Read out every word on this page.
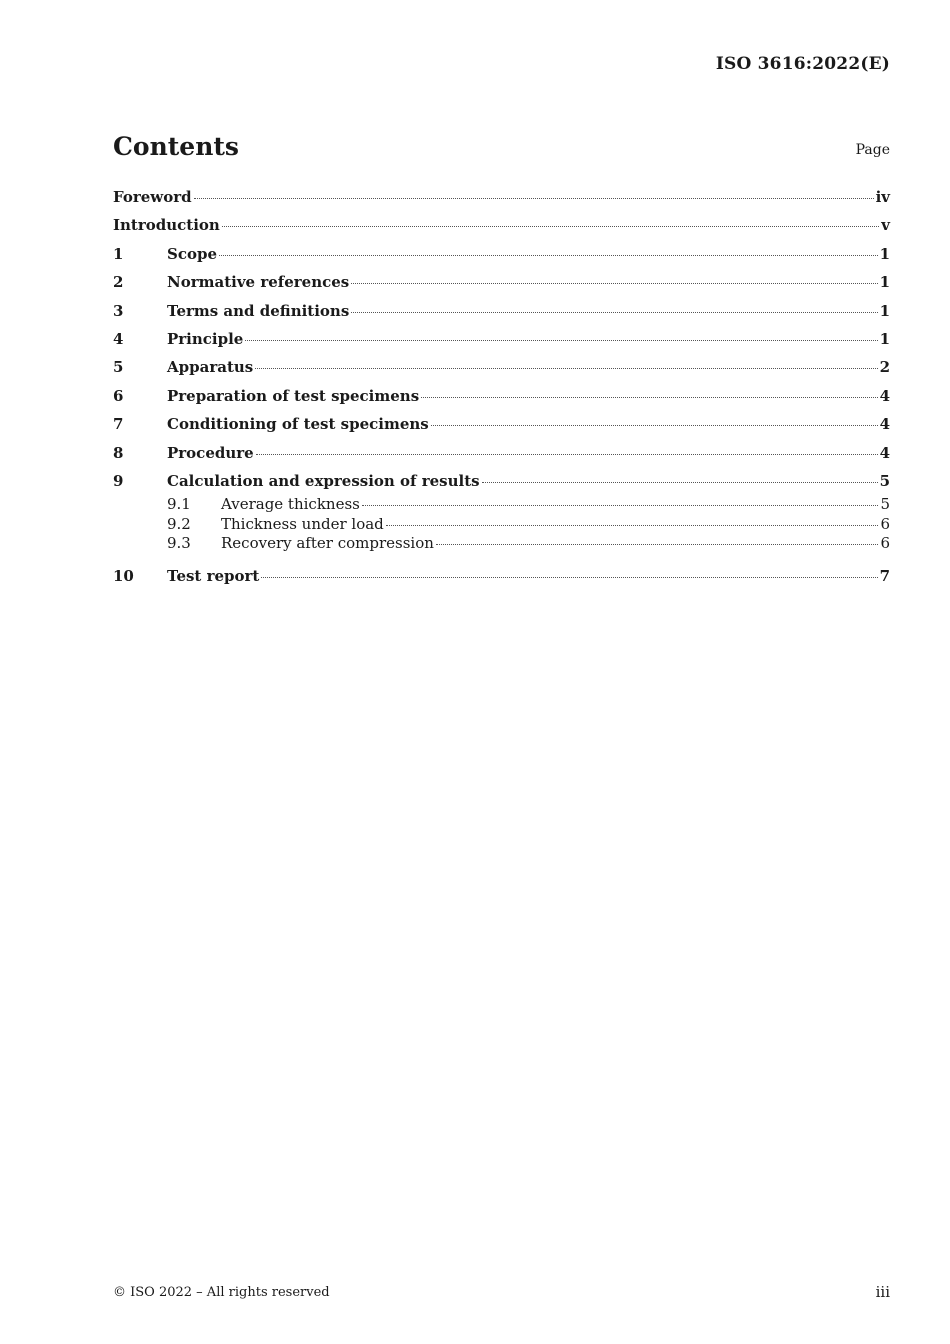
ISO 3616:2022(E)
Contents	Page
Foreword	iv
Introduction	v
1	Scope	1
2	Normative references	1
3	Terms and definitions	1
4	Principle	1
5	Apparatus	2
6	Preparation of test specimens	4
7	Conditioning of test specimens	4
8	Procedure	4
9	Calculation and expression of results	5
9.1	Average thickness	5
9.2	Thickness under load	6
9.3	Recovery after compression	6
10	Test report	7
© ISO 2022 – All rights reserved	iii
